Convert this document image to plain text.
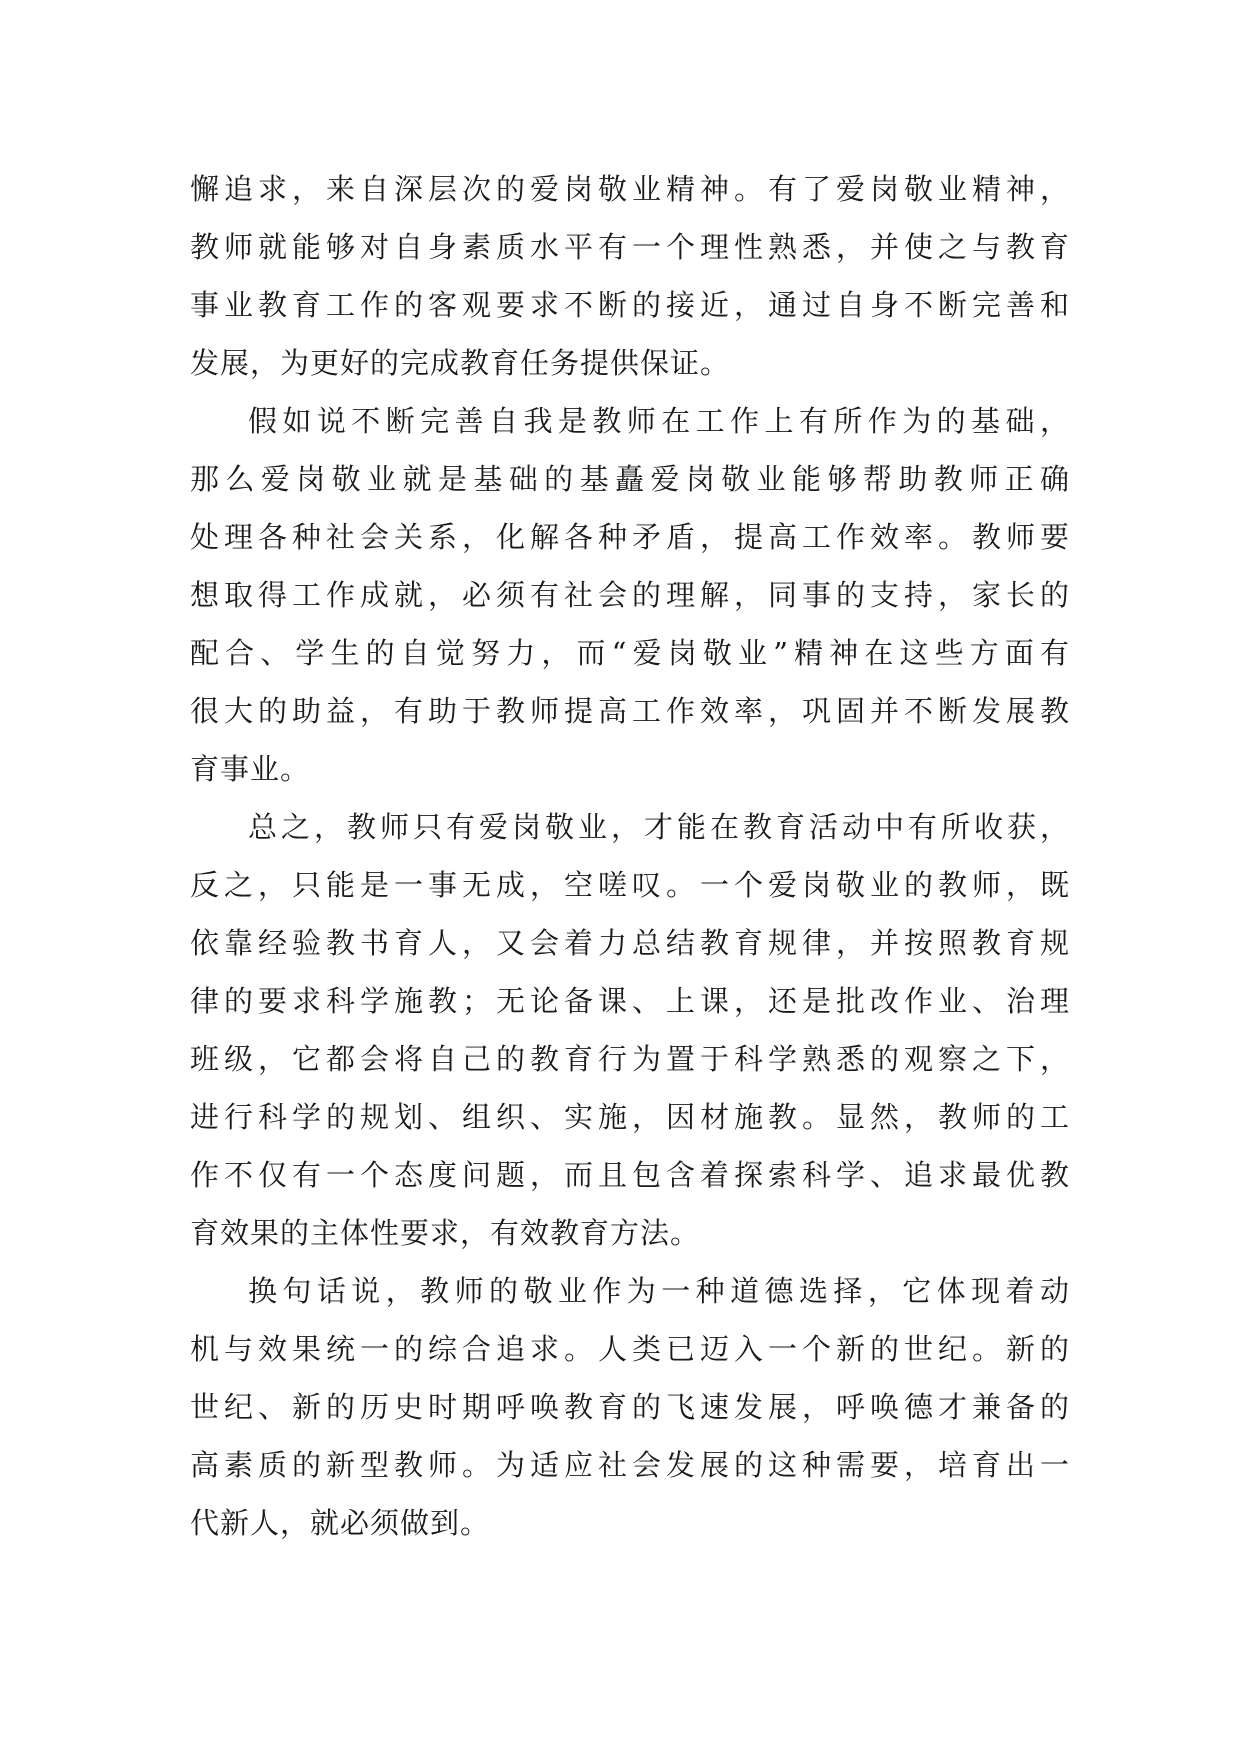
懈追求，来自深层次的爱岗敬业精神。有了爱岗敬业精神，
教师就能够对自身素质水平有一个理性熟悉，并使之与教育
事业教育工作的客观要求不断的接近，通过自身不断完善和
发展，为更好的完成教育任务提供保证。
假如说不断完善自我是教师在工作上有所作为的基础，
那么爱岗敬业就是基础的基矗爱岗敬业能够帮助教师正确
处理各种社会关系，化解各种矛盾，提高工作效率。教师要
想取得工作成就，必须有社会的理解，同事的支持，家长的
配合、学生的自觉努力，而“爱岗敬业”精神在这些方面有
很大的助益，有助于教师提高工作效率，巩固并不断发展教
育事业。
总之，教师只有爱岗敬业，才能在教育活动中有所收获，
反之，只能是一事无成，空嗟叹。一个爱岗敬业的教师，既
依靠经验教书育人，又会着力总结教育规律，并按照教育规
律的要求科学施教；无论备课、上课，还是批改作业、治理
班级，它都会将自己的教育行为置于科学熟悉的观察之下，
进行科学的规划、组织、实施，因材施教。显然，教师的工
作不仅有一个态度问题，而且包含着探索科学、追求最优教
育效果的主体性要求，有效教育方法。
换句话说，教师的敬业作为一种道德选择，它体现着动
机与效果统一的综合追求。人类已迈入一个新的世纪。新的
世纪、新的历史时期呼唤教育的飞速发展，呼唤德才兼备的
高素质的新型教师。为适应社会发展的这种需要，培育出一
代新人，就必须做到。
